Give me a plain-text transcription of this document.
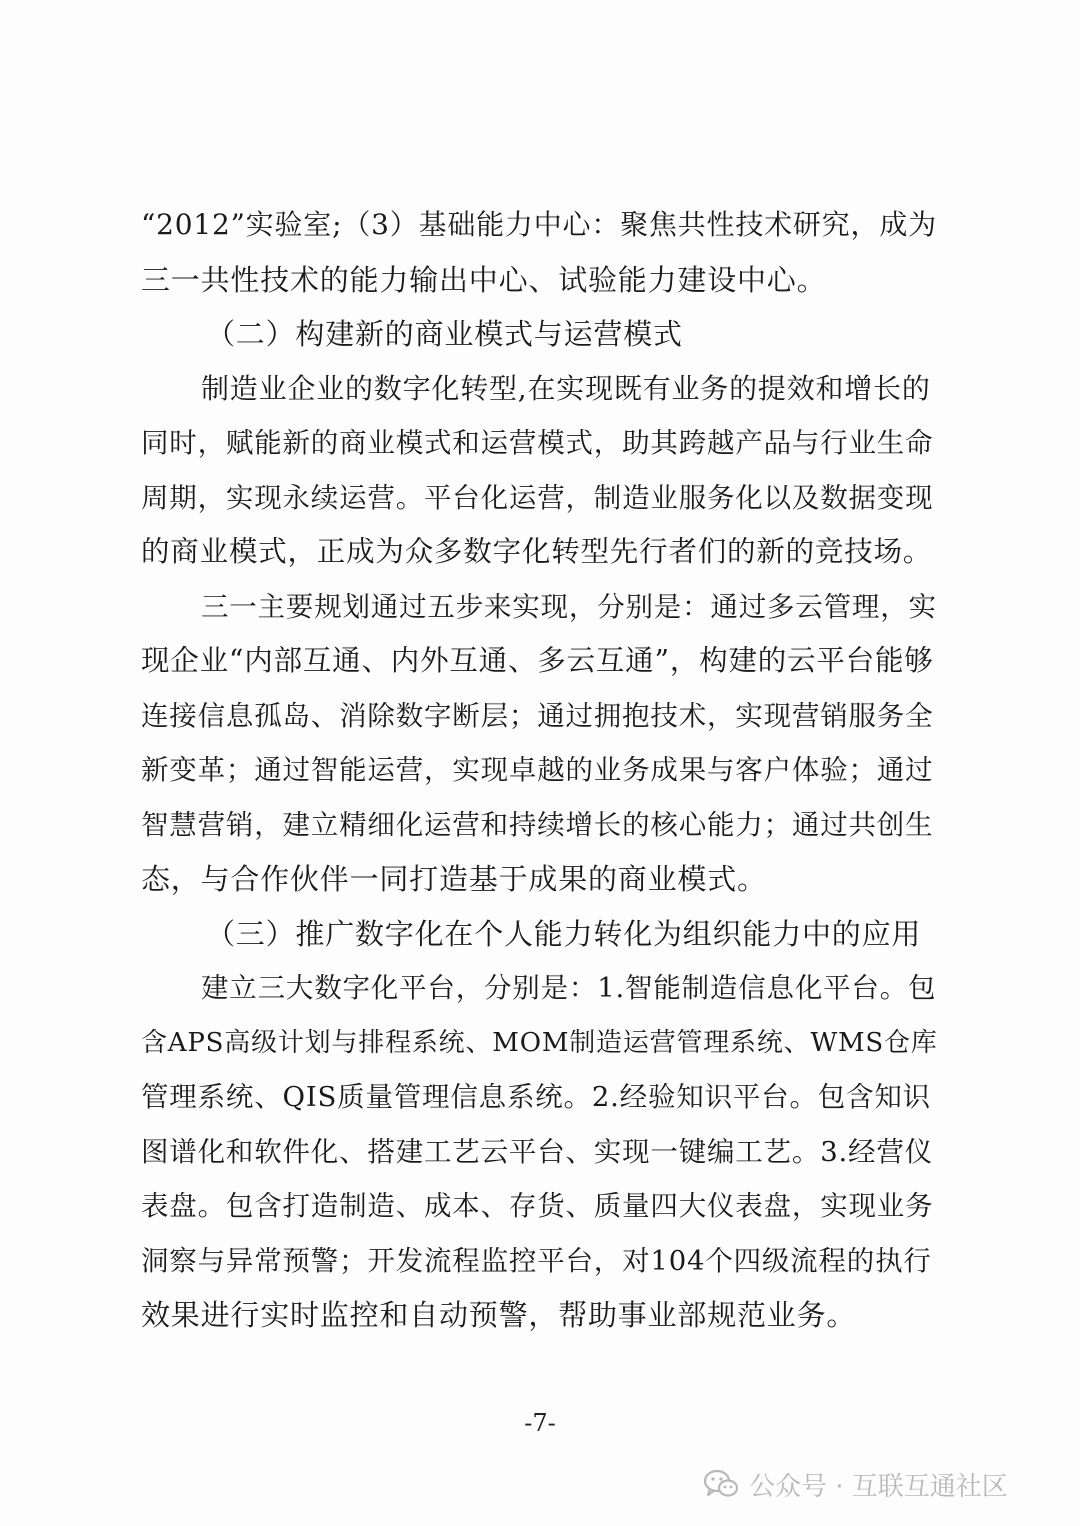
“2012”实验室;（3）基础能力中心：聚焦共性技术研究，成为
三一共性技术的能力输出中心、试验能力建设中心。
（二）构建新的商业模式与运营模式
制造业企业的数字化转型,在实现既有业务的提效和增长的
同时，赋能新的商业模式和运营模式，助其跨越产品与行业生命
周期，实现永续运营。平台化运营，制造业服务化以及数据变现
的商业模式，正成为众多数字化转型先行者们的新的竞技场。
三一主要规划通过五步来实现，分别是：通过多云管理，实
现企业“内部互通、内外互通、多云互通”，构建的云平台能够
连接信息孤岛、消除数字断层；通过拥抱技术，实现营销服务全
新变革；通过智能运营，实现卓越的业务成果与客户体验；通过
智慧营销，建立精细化运营和持续增长的核心能力；通过共创生
态，与合作伙伴一同打造基于成果的商业模式。
（三）推广数字化在个人能力转化为组织能力中的应用
建立三大数字化平台，分别是：1.智能制造信息化平台。包
含APS高级计划与排程系统、MOM制造运营管理系统、WMS仓库
管理系统、QIS质量管理信息系统。2.经验知识平台。包含知识
图谱化和软件化、搭建工艺云平台、实现一键编工艺。3.经营仪
表盘。包含打造制造、成本、存货、质量四大仪表盘，实现业务
洞察与异常预警；开发流程监控平台，对104个四级流程的执行
效果进行实时监控和自动预警，帮助事业部规范业务。
-7-
公众号 · 互联互通社区
